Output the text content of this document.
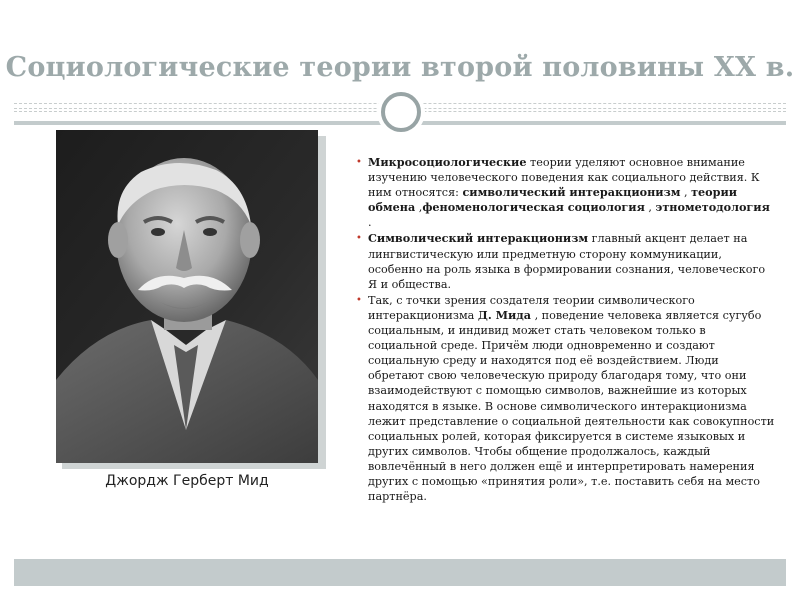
Социологические теории второй половины XX в.
Джордж Герберт Мид

• Микросоциологические теории уделяют основное внимание изучению человеческого поведения как социального действия. К ним относятся: символический интеракционизм , теории обмена ,феноменологическая социология , этнометодология .

• Символический интеракционизм главный акцент делает на лингвистическую или предметную сторону коммуникации, особенно на роль языка в формировании сознания, человеческого Я и общества.

• Так, с точки зрения создателя теории символического интеракционизма Д. Мида , поведение человека является сугубо социальным, и индивид может стать человеком только в социальной среде. Причём люди одновременно и создают социальную среду и находятся под её воздействием. Люди обретают свою человеческую природу благодаря тому, что они взаимодействуют с помощью символов, важнейшие из которых находятся в языке. В основе символического интеракционизма лежит представление о социальной деятельности как совокупности социальных ролей, которая фиксируется в системе языковых и других символов. Чтобы общение продолжалось, каждый вовлечённый в него должен ещё и интерпретировать намерения других с помощью «принятия роли», т.е. поставить себя на место партнёра.
